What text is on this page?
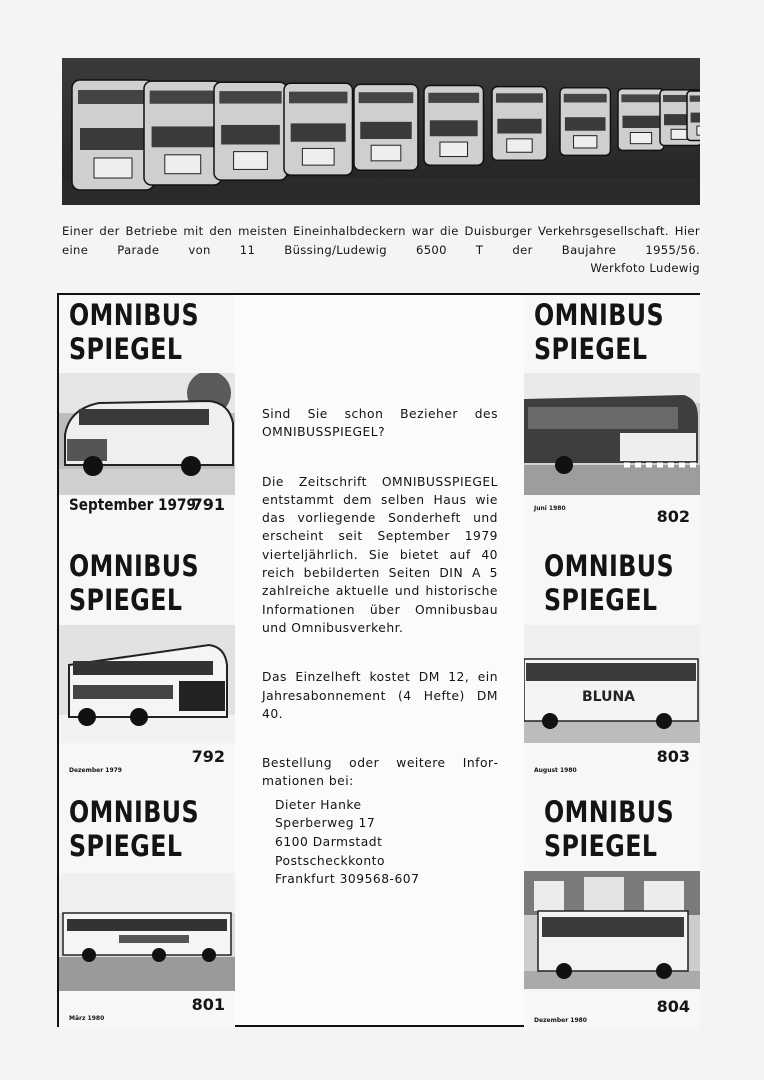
Einer der Betriebe mit den meisten Eineinhalbdeckern war die Duisburger Verkehrsgesellschaft. Hier eine Parade von 11 Büssing/Ludewig 6500 T der Baujahre 1955/56.
Werkfoto Ludewig
OMNIBUS
SPIEGEL
September 1979
791
OMNIBUS
SPIEGEL
Dezember 1979
792
OMNIBUS
SPIEGEL
März 1980
801
OMNIBUS
SPIEGEL
Juni 1980	802
OMNIBUS
SPIEGEL
BLUNA
August 1980
803
OMNIBUS
SPIEGEL
Dezember 1980
804

Sind Sie schon Bezieher des OMNIBUSSPIEGEL?

Die Zeitschrift OMNIBUSSPIEGEL entstammt dem selben Haus wie das vorliegende Sonderheft und erscheint seit September 1979 vierteljährlich. Sie bietet auf 40 reich bebilderten Seiten DIN A 5 zahlreiche aktuelle und historische Informationen über Omnibusbau und Omnibusverkehr.

Das Einzelheft kostet DM 12, ein Jahresabonnement (4 Hefte) DM 40.

Bestellung oder weitere Informationen bei:

Dieter Hanke
Sperberweg 17
6100 Darmstadt
Postscheckkonto
Frankfurt 309568-607
